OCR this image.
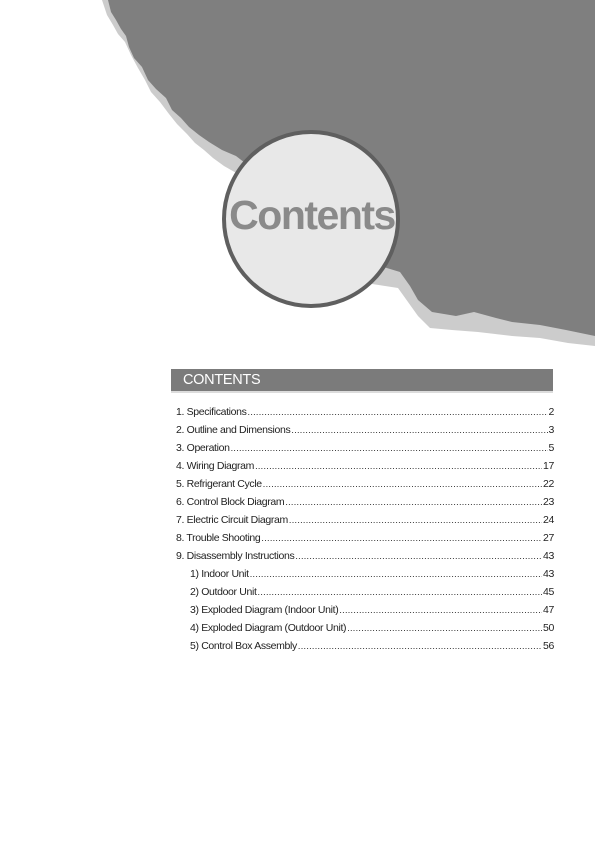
Contents
CONTENTS
1. Specifications .....	2
2. Outline and Dimensions .....	3
3. Operation .....	5
4. Wiring Diagram .....	17
5. Refrigerant Cycle .....	22
6. Control Block Diagram .....	23
7. Electric Circuit Diagram .....	24
8. Trouble Shooting .....	27
9. Disassembly Instructions .....	43
1) Indoor Unit .....	43
2) Outdoor Unit .....	45
3) Exploded Diagram (Indoor Unit) .....	47
4) Exploded Diagram (Outdoor Unit) .....	50
5) Control Box Assembly .....	56
